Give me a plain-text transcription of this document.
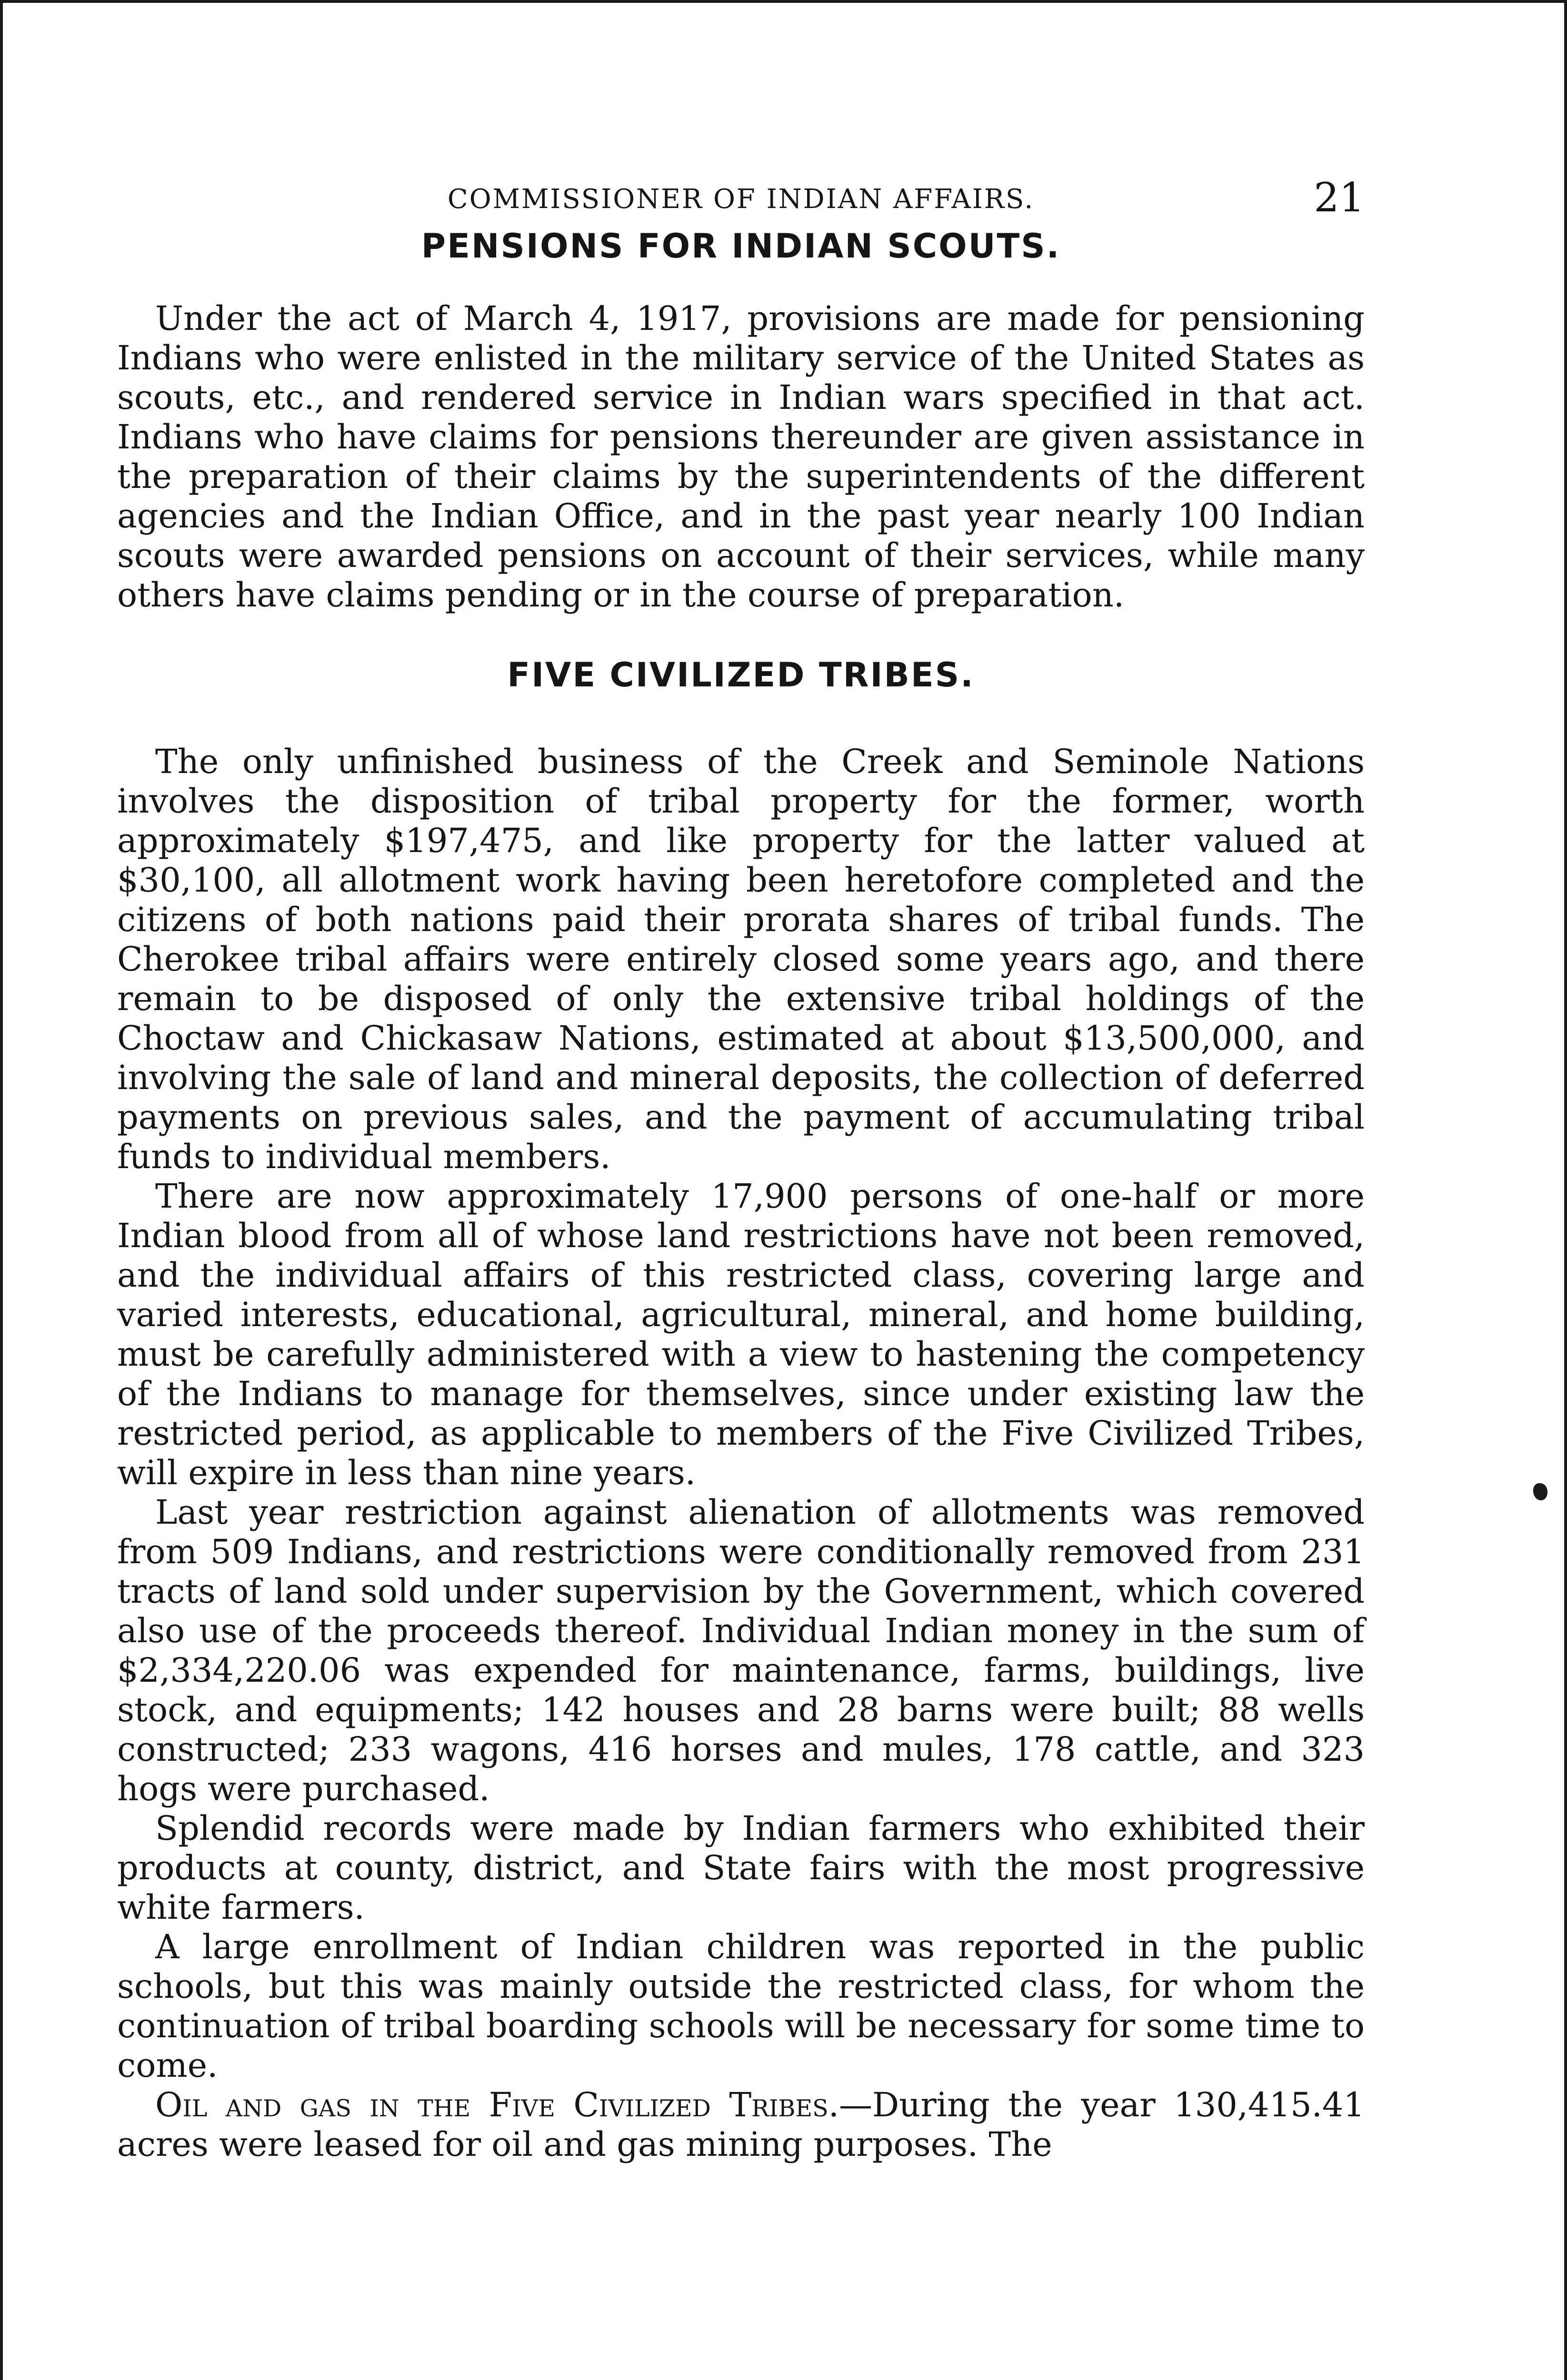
COMMISSIONER OF INDIAN AFFAIRS.	21
PENSIONS FOR INDIAN SCOUTS.

Under the act of March 4, 1917, provisions are made for pensioning Indians who were enlisted in the military service of the United States as scouts, etc., and rendered service in Indian wars specified in that act. Indians who have claims for pensions thereunder are given assistance in the preparation of their claims by the superintendents of the different agencies and the Indian Office, and in the past year nearly 100 Indian scouts were awarded pensions on account of their services, while many others have claims pending or in the course of preparation.

FIVE CIVILIZED TRIBES.

The only unfinished business of the Creek and Seminole Nations involves the disposition of tribal property for the former, worth approximately $197,475, and like property for the latter valued at $30,100, all allotment work having been heretofore completed and the citizens of both nations paid their prorata shares of tribal funds. The Cherokee tribal affairs were entirely closed some years ago, and there remain to be disposed of only the extensive tribal holdings of the Choctaw and Chickasaw Nations, estimated at about $13,500,000, and involving the sale of land and mineral deposits, the collection of deferred payments on previous sales, and the payment of accumulating tribal funds to individual members.

There are now approximately 17,900 persons of one-half or more Indian blood from all of whose land restrictions have not been removed, and the individual affairs of this restricted class, covering large and varied interests, educational, agricultural, mineral, and home building, must be carefully administered with a view to hastening the competency of the Indians to manage for themselves, since under existing law the restricted period, as applicable to members of the Five Civilized Tribes, will expire in less than nine years.

Last year restriction against alienation of allotments was removed from 509 Indians, and restrictions were conditionally removed from 231 tracts of land sold under supervision by the Government, which covered also use of the proceeds thereof. Individual Indian money in the sum of $2,334,220.06 was expended for maintenance, farms, buildings, live stock, and equipments; 142 houses and 28 barns were built; 88 wells constructed; 233 wagons, 416 horses and mules, 178 cattle, and 323 hogs were purchased.

Splendid records were made by Indian farmers who exhibited their products at county, district, and State fairs with the most progressive white farmers.

A large enrollment of Indian children was reported in the public schools, but this was mainly outside the restricted class, for whom the continuation of tribal boarding schools will be necessary for some time to come.

Oil and gas in the Five Civilized Tribes.—During the year 130,415.41 acres were leased for oil and gas mining purposes. The
